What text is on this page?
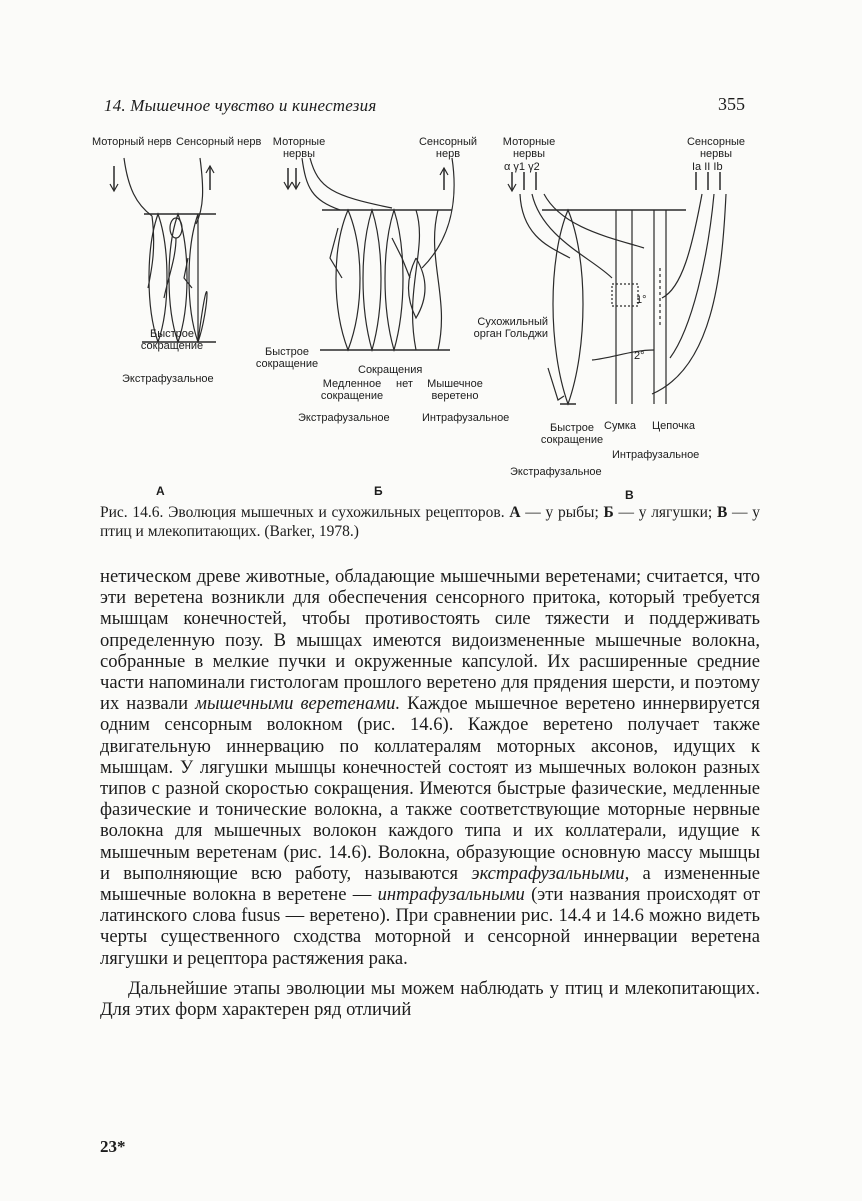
14. Мышечное чувство и кинестезия	355
Моторный нерв Сенсорный нерв
Быстрое сокращение
Экстрафузальное
А
Моторные нервы
Сенсорный нерв
Быстрое сокращение	Сокращения
Медленное сокращение
нет	Мышечное веретено
Экстрафузальное	Интрафузальное
Б
Моторные нервы
α γ1 γ2
Сенсорные нервы
Ia II Ib
Сухожильный орган Гольджи
1°
2°
Быстрое сокращение
Сумка Цепочка
Интрафузальное
Экстрафузальное
В
Рис. 14.6. Эволюция мышечных и сухожильных рецепторов. А — у рыбы; Б — у лягушки; В — у птиц и млекопитающих. (Barker, 1978.)

нетическом древе животные, обладающие мышечными веретенами; считается, что эти веретена возникли для обеспечения сенсорного притока, который требуется мышцам конечностей, чтобы противостоять силе тяжести и поддерживать определенную позу. В мышцах имеются видоизмененные мышечные волокна, собранные в мелкие пучки и окруженные капсулой. Их расширенные средние части напоминали гистологам прошлого веретено для прядения шерсти, и поэтому их назвали мышечными веретенами. Каждое мышечное веретено иннервируется одним сенсорным волокном (рис. 14.6). Каждое веретено получает также двигательную иннервацию по коллатералям моторных аксонов, идущих к мышцам. У лягушки мышцы конечностей состоят из мышечных волокон разных типов с разной скоростью сокращения. Имеются быстрые фазические, медленные фазические и тонические волокна, а также соответствующие моторные нервные волокна для мышечных волокон каждого типа и их коллатерали, идущие к мышечным веретенам (рис. 14.6). Волокна, образующие основную массу мышцы и выполняющие всю работу, называются экстрафузальными, а измененные мышечные волокна в веретене — интрафузальными (эти названия происходят от латинского слова fusus — веретено). При сравнении рис. 14.4 и 14.6 можно видеть черты существенного сходства моторной и сенсорной иннервации веретена лягушки и рецептора растяжения рака.

Дальнейшие этапы эволюции мы можем наблюдать у птиц и млекопитающих. Для этих форм характерен ряд отличий

23*
